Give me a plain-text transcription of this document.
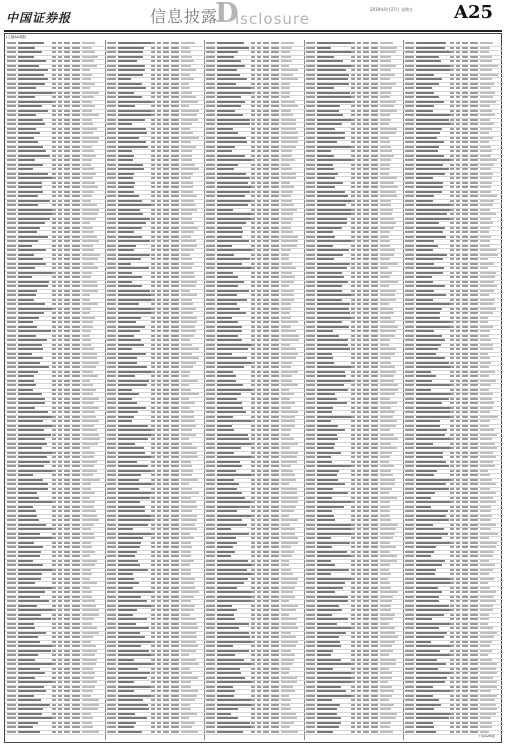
中国证券报	信息披露
D
isclosure
2019年9月27日 星期五 A25
(上接A24版)
下转A26版
